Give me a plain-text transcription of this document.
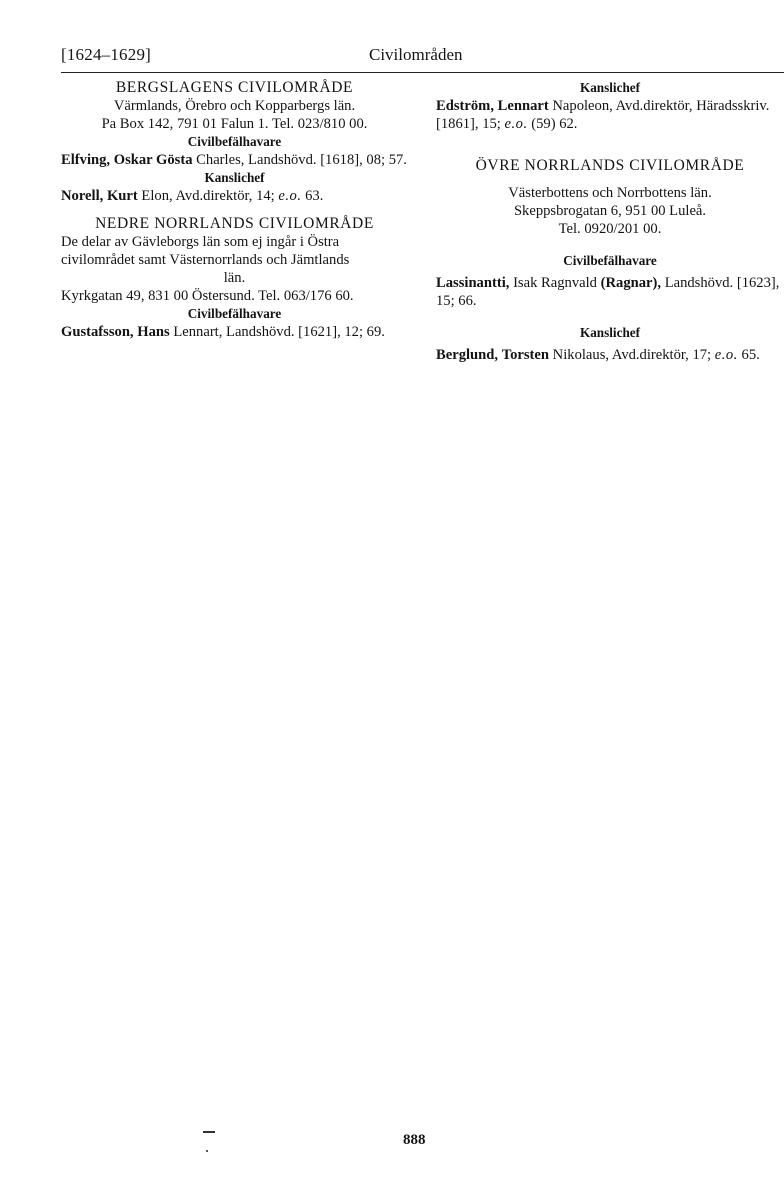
[1624–1629]	Civilområden
BERGSLAGENS CIVILOMRÅDE
Värmlands, Örebro och Kopparbergs län.
Pa Box 142, 791 01 Falun 1. Tel. 023/810 00.
Civilbefälhavare
Elfving, Oskar Gösta Charles, Landshövd. [1618], 08; 57.
Kanslichef
Norell, Kurt Elon, Avd.direktör, 14; e.o. 63.
NEDRE NORRLANDS CIVILOMRÅDE
De delar av Gävleborgs län som ej ingår i Östra civilområdet samt Västernorrlands och Jämtlands
län.
Kyrkgatan 49, 831 00 Östersund. Tel. 063/176 60.
Civilbefälhavare
Gustafsson, Hans Lennart, Landshövd. [1621], 12; 69.
Kanslichef
Edström, Lennart Napoleon, Avd.direktör, Häradsskriv. [1861], 15; e.o. (59) 62.
ÖVRE NORRLANDS CIVILOMRÅDE
Västerbottens och Norrbottens län.
Skeppsbrogatan 6, 951 00 Luleå.
Tel. 0920/201 00.
Civilbefälhavare
Lassinantti, Isak Ragnvald (Ragnar), Landshövd. [1623], 15; 66.
Kanslichef
Berglund, Torsten Nikolaus, Avd.direktör, 17; e.o. 65.
888
